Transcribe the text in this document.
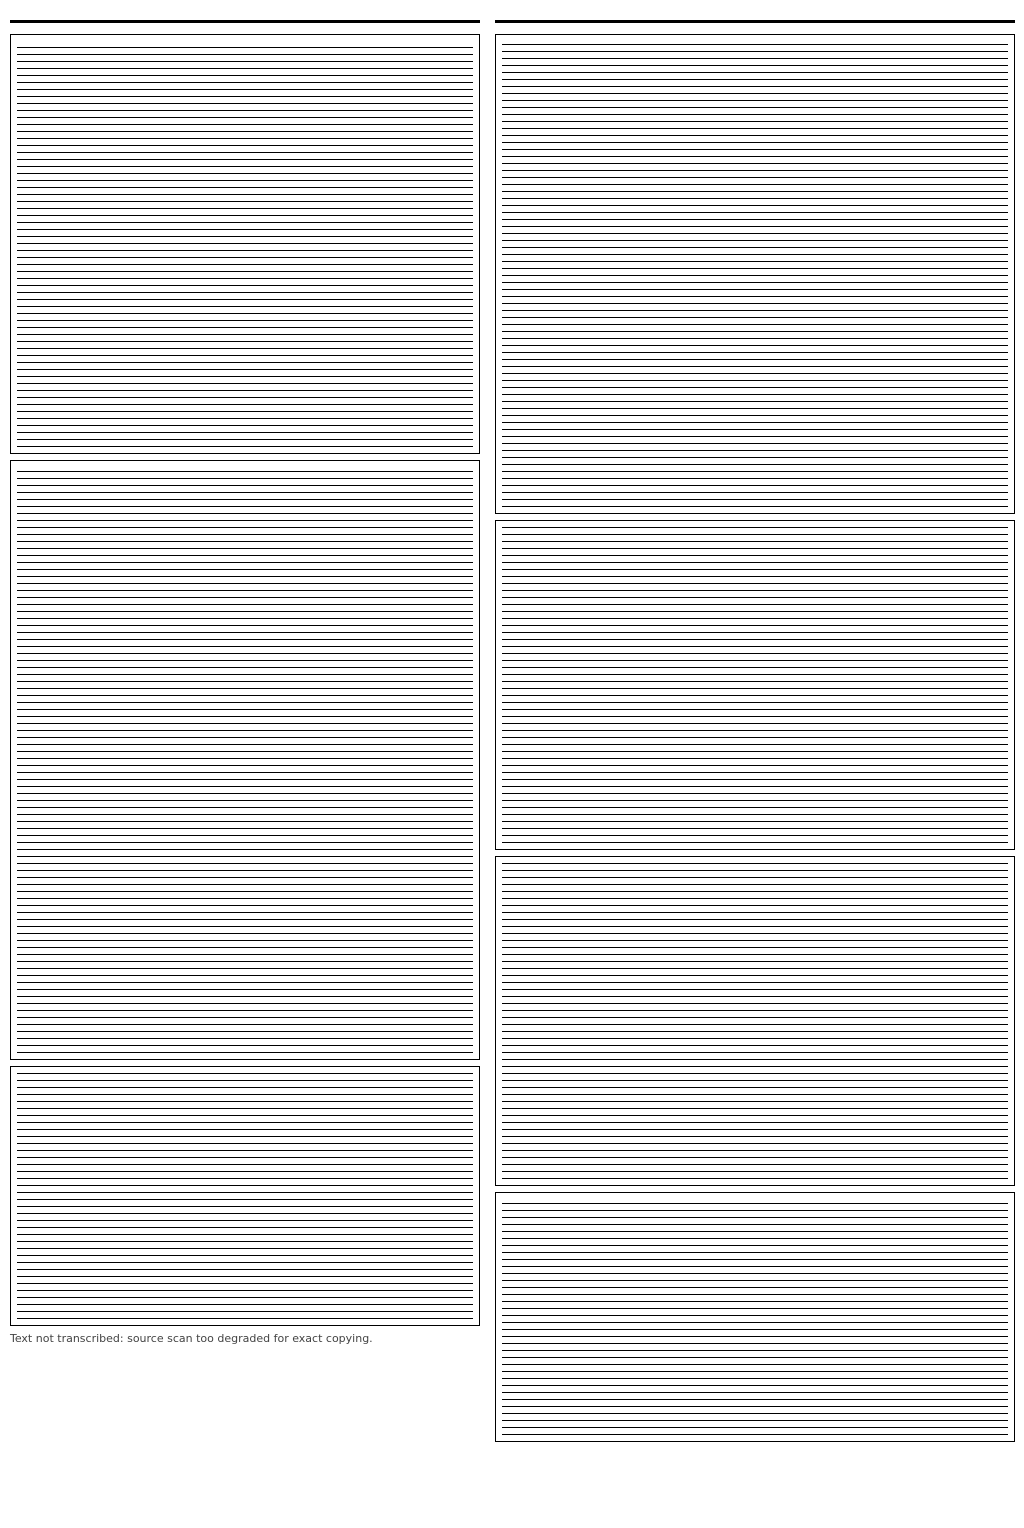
Text not transcribed: source scan too degraded for exact copying.
